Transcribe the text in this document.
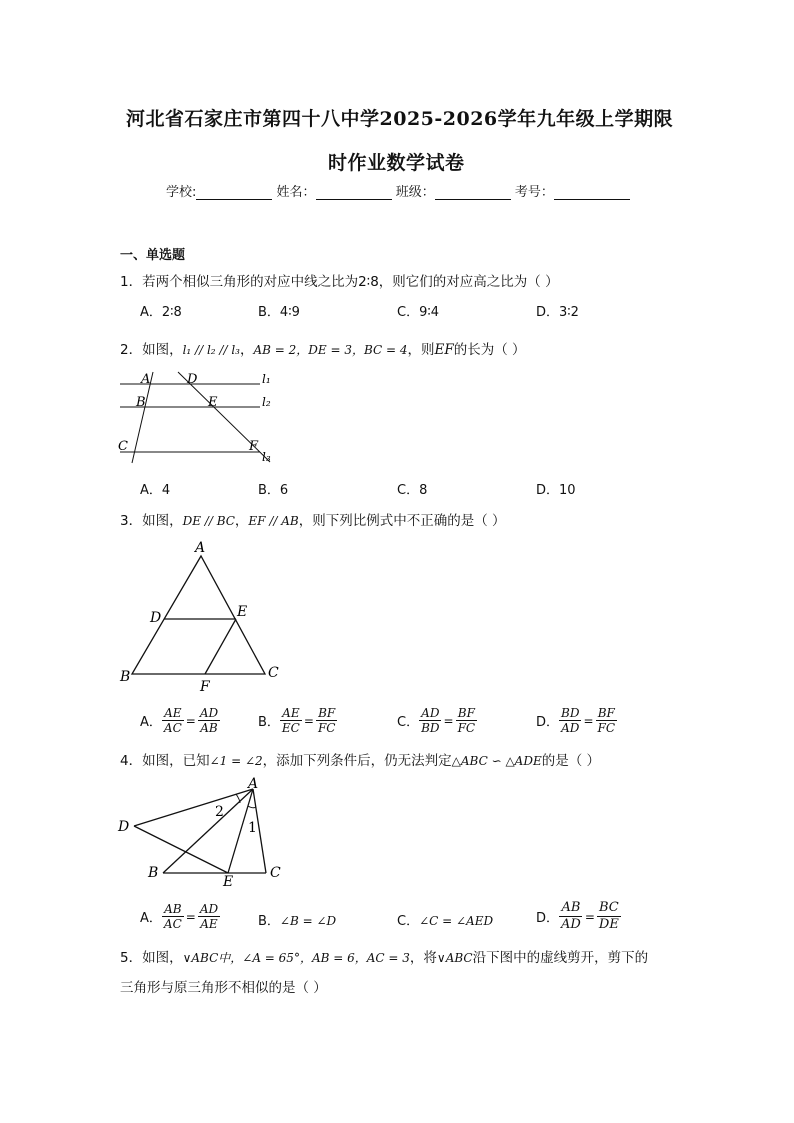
河北省石家庄市第四十八中学2025-2026学年九年级上学期限
时作业数学试卷
学校:	姓名：	班级：	考号：
一、单选题
1．若两个相似三角形的对应中线之比为2∶8，则它们的对应高之比为（ ）
A．2∶8	B．4∶9	C．9∶4	D．3∶2
2．如图，l₁ // l₂ // l₃，AB = 2，DE = 3，BC = 4，则EF的长为（ ）
A	D	l₁
B	E	l₂
C	F
l₃
A．4	B．6	C．8	D．10
3．如图，DE // BC，EF // AB，则下列比例式中不正确的是（ ）
A
D	E
B
F
C
A． $\frac{AE}{AC} = \frac{AD}{AB}$	B． $\frac{AE}{EC} = \frac{BF}{FC}$	C． $\frac{AD}{BD} = \frac{BF}{FC}$	D． $\frac{BD}{AD} = \frac{BF}{FC}$
4．如图，已知∠1 = ∠2，添加下列条件后，仍无法判定△ABC ∽ △ADE的是（ ）
A
2
1
D
B
E
C
A． $\frac{AB}{AC} = \frac{AD}{AE}$	B．∠B = ∠D	C．∠C = ∠AED	D． $\frac{AB}{AD} = \frac{BC}{DE}$
5．如图，∨ABC中，∠A = 65°，AB = 6，AC = 3，将∨ABC沿下图中的虚线剪开，剪下的
三角形与原三角形不相似的是（ ）
